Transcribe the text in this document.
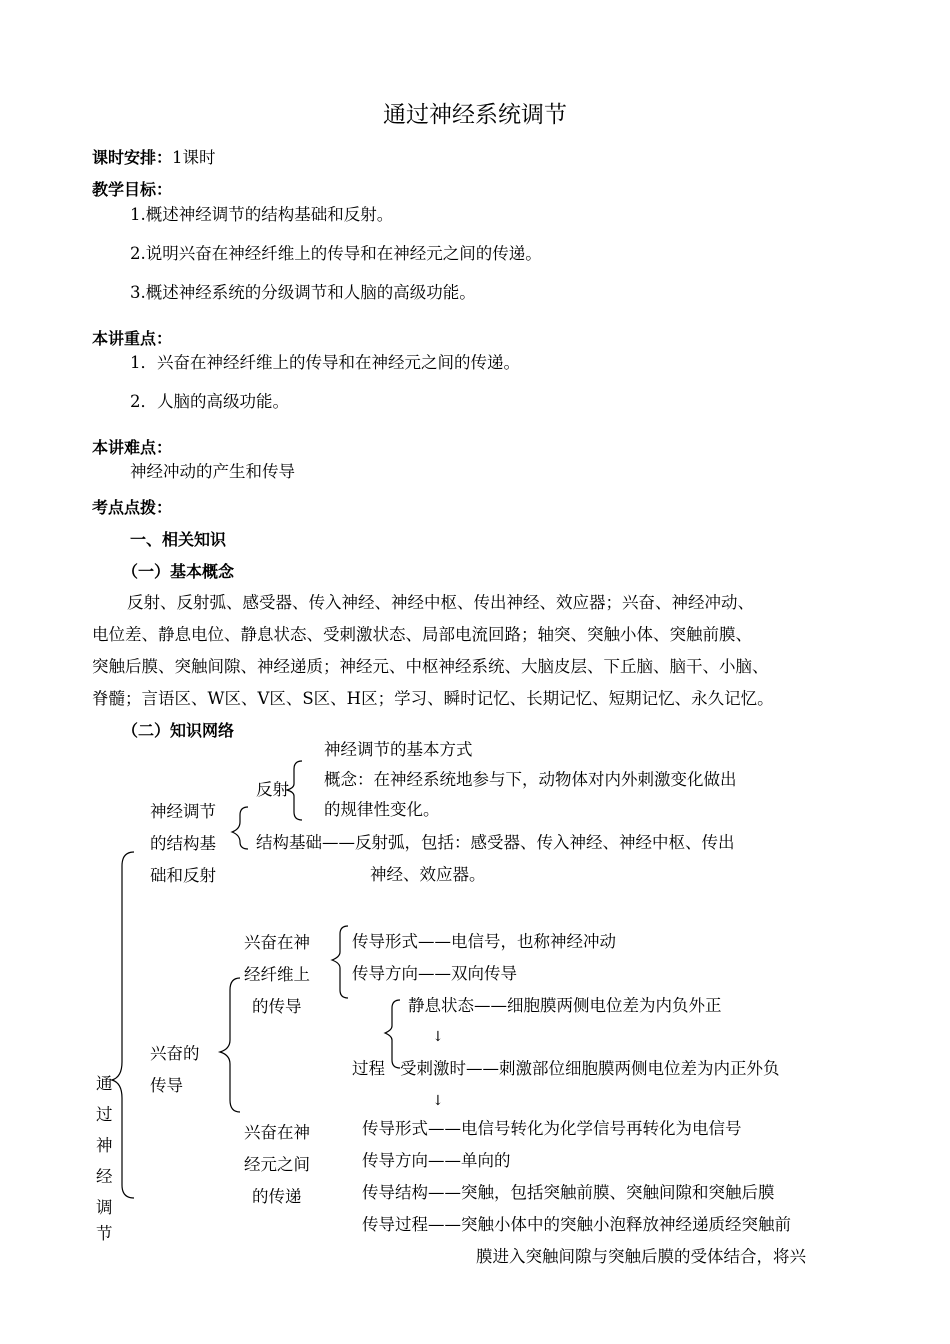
通过神经系统调节
课时安排：1课时
教学目标：
1.概述神经调节的结构基础和反射。
2.说明兴奋在神经纤维上的传导和在神经元之间的传递。
3.概述神经系统的分级调节和人脑的高级功能。
本讲重点：
1．兴奋在神经纤维上的传导和在神经元之间的传递。
2．人脑的高级功能。
本讲难点：
神经冲动的产生和传导
考点点拨：
一、相关知识
（一）基本概念
反射、反射弧、感受器、传入神经、神经中枢、传出神经、效应器；兴奋、神经冲动、
电位差、静息电位、静息状态、受刺激状态、局部电流回路；轴突、突触小体、突触前膜、
突触后膜、突触间隙、神经递质；神经元、中枢神经系统、大脑皮层、下丘脑、脑干、小脑、
脊髓；言语区、W区、V区、S区、H区；学习、瞬时记忆、长期记忆、短期记忆、永久记忆。
（二）知识网络
通
过
神
经
调
神经调节
的结构基
础和反射
反射
神经调节的基本方式
概念：在神经系统地参与下，动物体对内外刺激变化做出
的规律性变化。
结构基础——反射弧，包括：感受器、传入神经、神经中枢、传出
神经、效应器。
兴奋的
传导
兴奋在神
经纤维上
的传导
传导形式——电信号，也称神经冲动
传导方向——双向传导
过程
静息状态——细胞膜两侧电位差为内负外正
↓
受刺激时——刺激部位细胞膜两侧电位差为内正外负
↓
兴奋在神
经元之间
的传递
传导形式——电信号转化为化学信号再转化为电信号
传导方向——单向的
传导结构——突触，包括突触前膜、突触间隙和突触后膜
传导过程——突触小体中的突触小泡释放神经递质经突触前
膜进入突触间隙与突触后膜的受体结合，将兴
节
